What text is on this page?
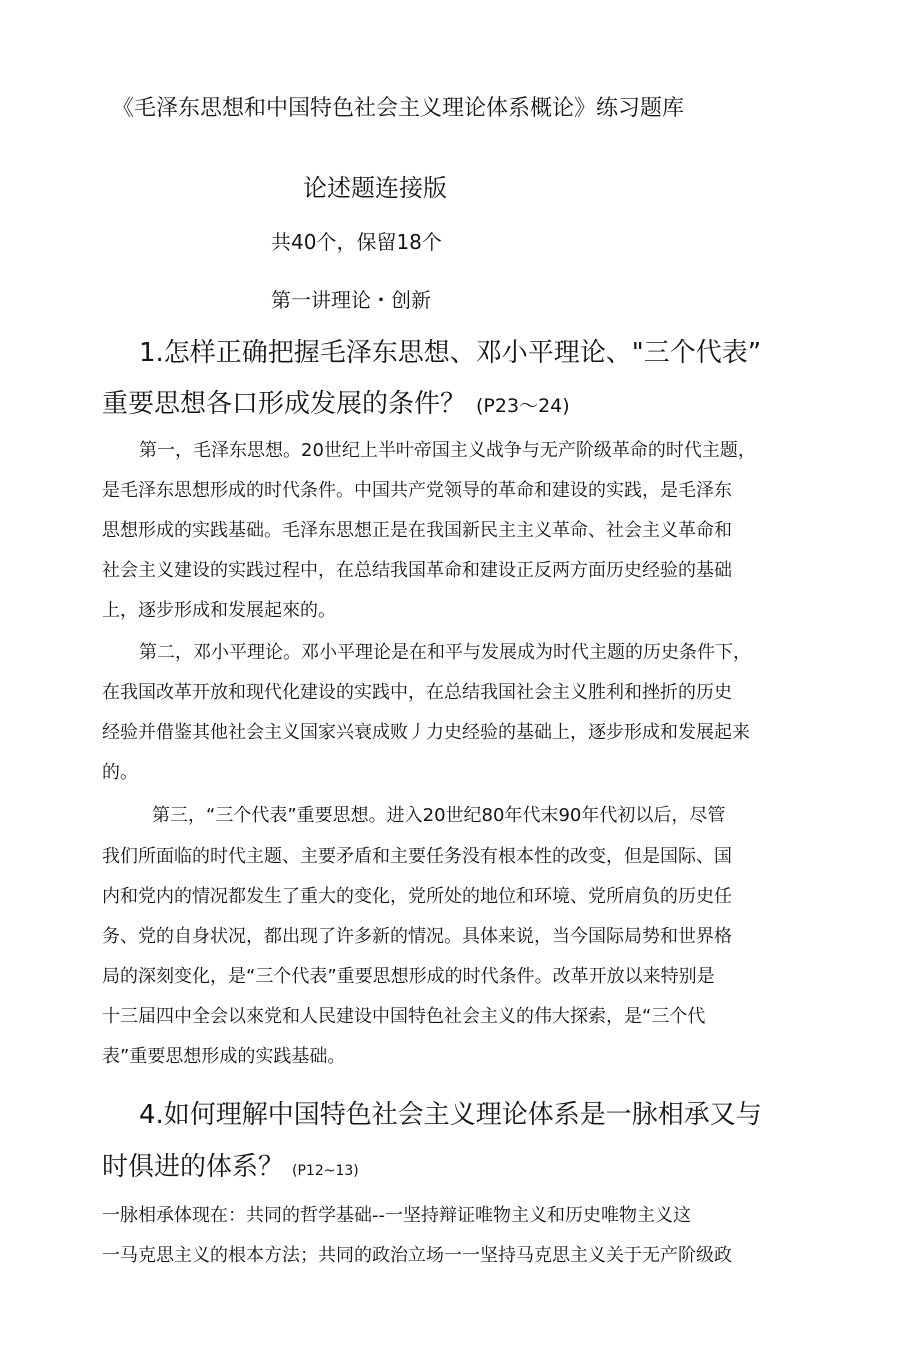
《毛泽东思想和中国特色社会主义理论体系概论》练习题库
论述题连接版
共40个，保留18个
第一讲理论・创新
1.怎样正确把握毛泽东思想、邓小平理论、"三个代表”
重要思想各口形成发展的条件？ (P23～24)
第一，毛泽东思想。20世纪上半叶帝国主义战争与无产阶级革命的时代主题，
是毛泽东思想形成的时代条件。中国共产党领导的革命和建设的实践，是毛泽东
思想形成的实践基础。毛泽东思想正是在我国新民主主义革命、社会主义革命和
社会主义建设的实践过程中，在总结我国革命和建设正反两方面历史经验的基础
上，逐步形成和发展起來的。
第二，邓小平理论。邓小平理论是在和平与发展成为时代主题的历史条件下，
在我国改革开放和现代化建设的实践中，在总结我国社会主义胜利和挫折的历史
经验并借鉴其他社会主义国家兴衰成败丿力史经验的基础上，逐步形成和发展起来
的。
第三，“三个代表”重要思想。进入20世纪80年代末90年代初以后，尽管
我们所面临的时代主题、主要矛盾和主要任务没有根本性的改变，但是国际、国
内和党内的情况都发生了重大的变化，党所处的地位和环境、党所肩负的历史任
务、党的自身状况，都出现了许多新的情况。具体来说，当今国际局势和世界格
局的深刻变化，是“三个代表”重要思想形成的时代条件。改革开放以来特别是
十三届四中全会以來党和人民建设中国特色社会主义的伟大探索，是“三个代
表”重要思想形成的实践基础。
4.如何理解中国特色社会主义理论体系是一脉相承又与
时俱进的体系？ (P12~13)
一脉相承体现在：共同的哲学基础--一坚持辩证唯物主义和历史唯物主义这
一马克思主义的根本方法；共同的政治立场一一坚持马克思主义关于无产阶级政
